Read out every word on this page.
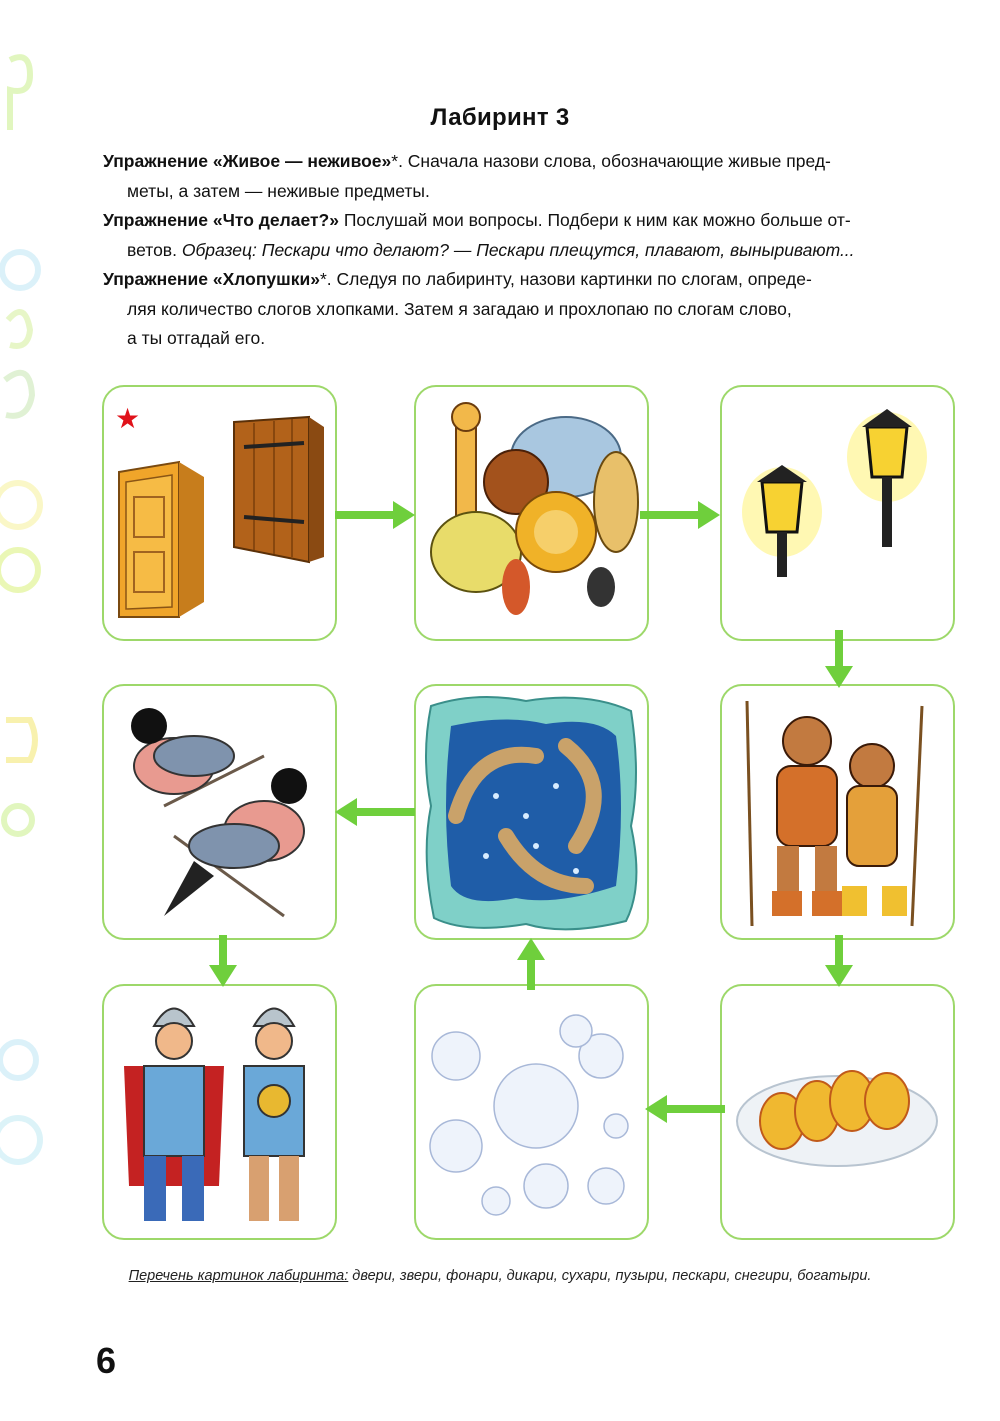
Лабиринт 3
Упражнение «Живое — неживое»*. Сначала назови слова, обозначающие живые пред-
меты, а затем — неживые предметы.
Упражнение «Что делает?» Послушай мои вопросы. Подбери к ним как можно больше от-
ветов. Образец: Пескари что делают? — Пескари плещутся, плавают, выныривают...
Упражнение «Хлопушки»*. Следуя по лабиринту, назови картинки по слогам, опреде-
ляя количество слогов хлопками. Затем я загадаю и прохлопаю по слогам слово,
а ты отгадай его.
★
Перечень картинок лабиринта: двери, звери, фонари, дикари, сухари, пузыри, пескари, снегири, богатыри.
6
